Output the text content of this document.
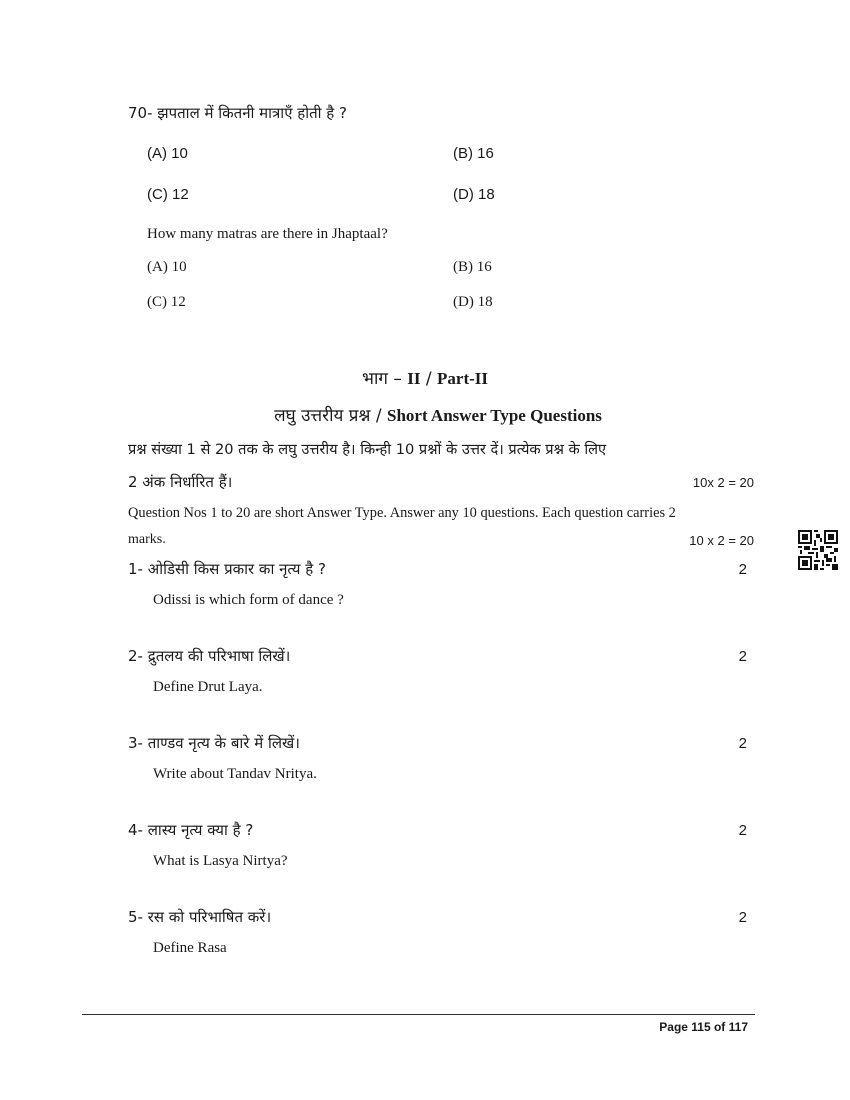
70- झपताल में कितनी मात्राएँ होती है ?
(A) 10	(B) 16
(C) 12	(D) 18
How many matras are there in Jhaptaal?
(A) 10	(B) 16
(C) 12	(D) 18
भाग – II / Part-II
लघु उत्तरीय प्रश्न / Short Answer Type Questions
प्रश्न संख्या 1 से 20 तक के लघु उत्तरीय है। किन्ही 10 प्रश्नों के उत्तर दें। प्रत्येक प्रश्न के लिए
2 अंक निर्धारित हैं।	10x 2 = 20
Question Nos 1 to 20 are short Answer Type. Answer any 10 questions. Each question carries 2
marks.	10 x 2 = 20
1- ओडिसी किस प्रकार का नृत्य है ?	2
Odissi is which form of dance ?
2- द्रुतलय की परिभाषा लिखें।	2
Define Drut Laya.
3- ताण्डव नृत्य के बारे में लिखें।	2
Write about Tandav Nritya.
4- लास्य नृत्य क्या है ?	2
What is Lasya Nirtya?
5- रस को परिभाषित करें।	2
Define Rasa
Page 115 of 117
